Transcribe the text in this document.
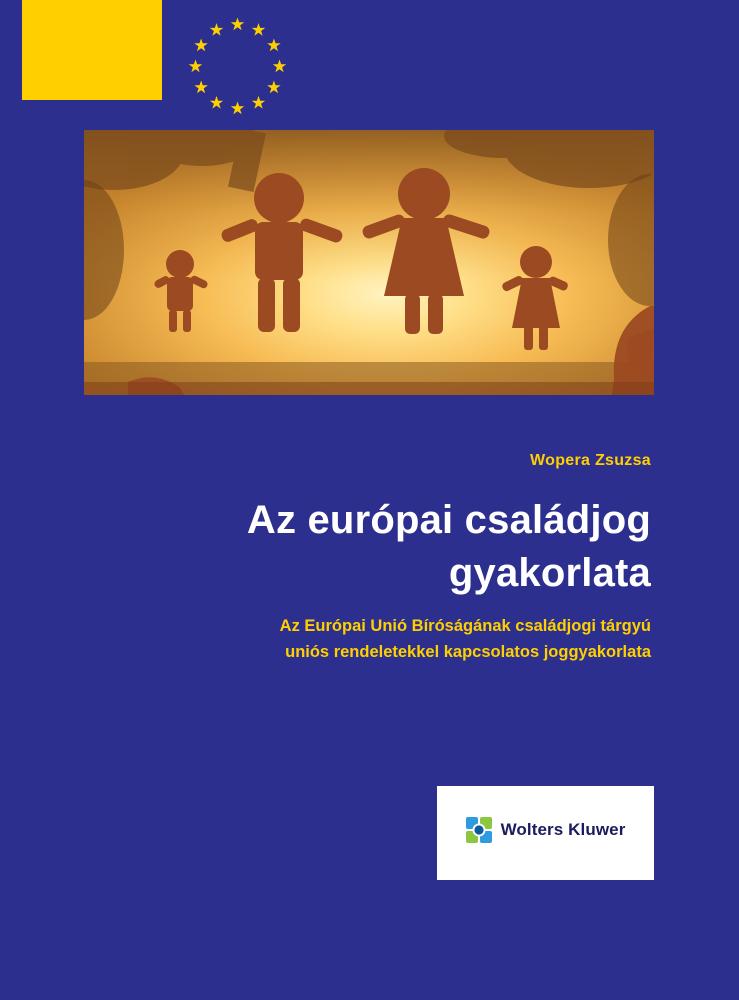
Wopera Zsuzsa
Az európai családjog
gyakorlata
Az Európai Unió Bíróságának családjogi tárgyú
uniós rendeletekkel kapcsolatos joggyakorlata
Wolters Kluwer
